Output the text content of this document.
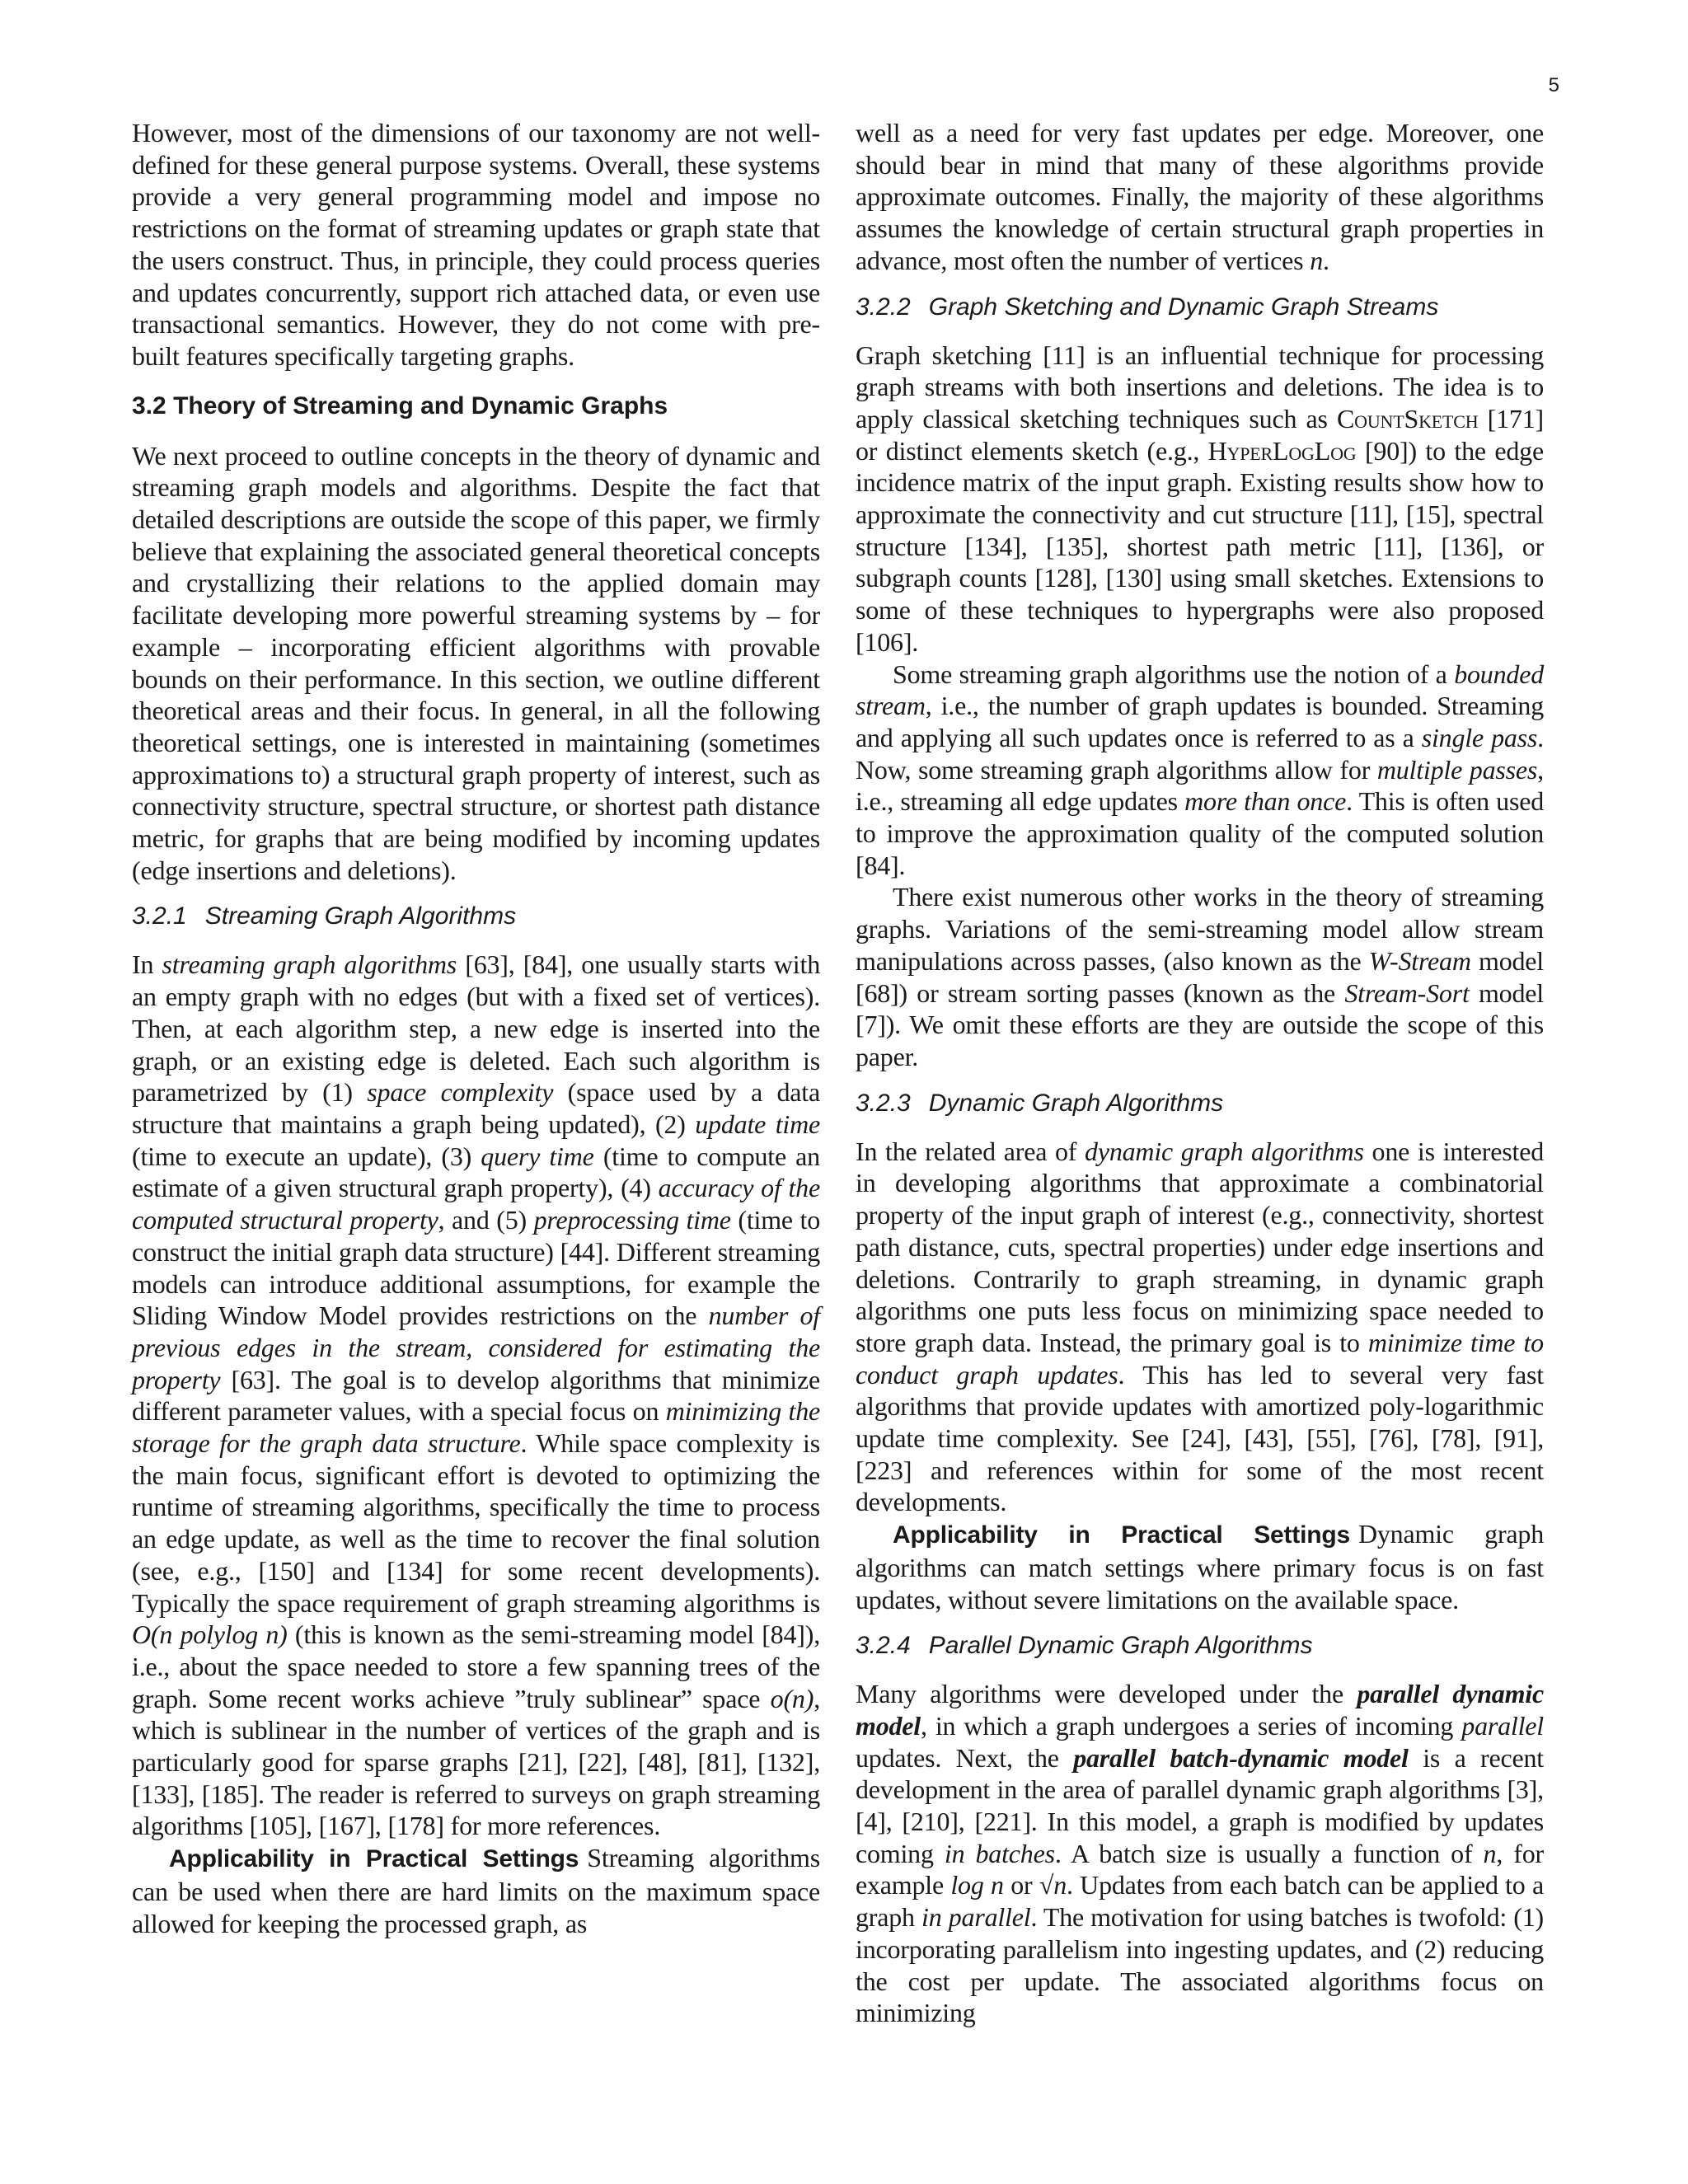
5

However, most of the dimensions of our taxonomy are not well-defined for these general purpose systems. Overall, these systems provide a very general programming model and impose no restrictions on the format of streaming updates or graph state that the users construct. Thus, in principle, they could process queries and updates concurrently, support rich attached data, or even use transactional semantics. However, they do not come with pre-built features specifically targeting graphs.

3.2 Theory of Streaming and Dynamic Graphs

We next proceed to outline concepts in the theory of dynamic and streaming graph models and algorithms. Despite the fact that detailed descriptions are outside the scope of this paper, we firmly believe that explaining the associated general theoretical concepts and crystallizing their relations to the applied domain may facilitate developing more powerful streaming systems by – for example – incorporating efficient algorithms with provable bounds on their performance. In this section, we outline different theoretical areas and their focus. In general, in all the following theoretical settings, one is interested in maintaining (sometimes approximations to) a structural graph property of interest, such as connectivity structure, spectral structure, or shortest path distance metric, for graphs that are being modified by incoming updates (edge insertions and deletions).

3.2.1 Streaming Graph Algorithms

In streaming graph algorithms [63], [84], one usually starts with an empty graph with no edges (but with a fixed set of vertices). Then, at each algorithm step, a new edge is inserted into the graph, or an existing edge is deleted. Each such algorithm is parametrized by (1) space complexity (space used by a data structure that maintains a graph being updated), (2) update time (time to execute an update), (3) query time (time to compute an estimate of a given structural graph property), (4) accuracy of the computed structural property, and (5) preprocessing time (time to construct the initial graph data structure) [44]. Different streaming models can introduce additional assumptions, for example the Sliding Window Model provides restrictions on the number of previous edges in the stream, considered for estimating the property [63]. The goal is to develop algorithms that minimize different parameter values, with a special focus on minimizing the storage for the graph data structure. While space complexity is the main focus, significant effort is devoted to optimizing the runtime of streaming algorithms, specifically the time to process an edge update, as well as the time to recover the final solution (see, e.g., [150] and [134] for some recent developments). Typically the space requirement of graph streaming algorithms is O(n polylog n) (this is known as the semi-streaming model [84]), i.e., about the space needed to store a few spanning trees of the graph. Some recent works achieve ”truly sublinear” space o(n), which is sublinear in the number of vertices of the graph and is particularly good for sparse graphs [21], [22], [48], [81], [132], [133], [185]. The reader is referred to surveys on graph streaming algorithms [105], [167], [178] for more references.

Applicability in Practical Settings Streaming algorithms can be used when there are hard limits on the maximum space allowed for keeping the processed graph, as

well as a need for very fast updates per edge. Moreover, one should bear in mind that many of these algorithms provide approximate outcomes. Finally, the majority of these algorithms assumes the knowledge of certain structural graph properties in advance, most often the number of vertices n.

3.2.2 Graph Sketching and Dynamic Graph Streams

Graph sketching [11] is an influential technique for processing graph streams with both insertions and deletions. The idea is to apply classical sketching techniques such as CountSketch [171] or distinct elements sketch (e.g., HyperLogLog [90]) to the edge incidence matrix of the input graph. Existing results show how to approximate the connectivity and cut structure [11], [15], spectral structure [134], [135], shortest path metric [11], [136], or subgraph counts [128], [130] using small sketches. Extensions to some of these techniques to hypergraphs were also proposed [106].

Some streaming graph algorithms use the notion of a bounded stream, i.e., the number of graph updates is bounded. Streaming and applying all such updates once is referred to as a single pass. Now, some streaming graph algorithms allow for multiple passes, i.e., streaming all edge updates more than once. This is often used to improve the approximation quality of the computed solution [84].

There exist numerous other works in the theory of streaming graphs. Variations of the semi-streaming model allow stream manipulations across passes, (also known as the W-Stream model [68]) or stream sorting passes (known as the Stream-Sort model [7]). We omit these efforts are they are outside the scope of this paper.

3.2.3 Dynamic Graph Algorithms

In the related area of dynamic graph algorithms one is interested in developing algorithms that approximate a combinatorial property of the input graph of interest (e.g., connectivity, shortest path distance, cuts, spectral properties) under edge insertions and deletions. Contrarily to graph streaming, in dynamic graph algorithms one puts less focus on minimizing space needed to store graph data. Instead, the primary goal is to minimize time to conduct graph updates. This has led to several very fast algorithms that provide updates with amortized poly-logarithmic update time complexity. See [24], [43], [55], [76], [78], [91], [223] and references within for some of the most recent developments.

Applicability in Practical Settings Dynamic graph algorithms can match settings where primary focus is on fast updates, without severe limitations on the available space.

3.2.4 Parallel Dynamic Graph Algorithms

Many algorithms were developed under the parallel dynamic model, in which a graph undergoes a series of incoming parallel updates. Next, the parallel batch-dynamic model is a recent development in the area of parallel dynamic graph algorithms [3], [4], [210], [221]. In this model, a graph is modified by updates coming in batches. A batch size is usually a function of n, for example log n or √n. Updates from each batch can be applied to a graph in parallel. The motivation for using batches is twofold: (1) incorporating parallelism into ingesting updates, and (2) reducing the cost per update. The associated algorithms focus on minimizing
